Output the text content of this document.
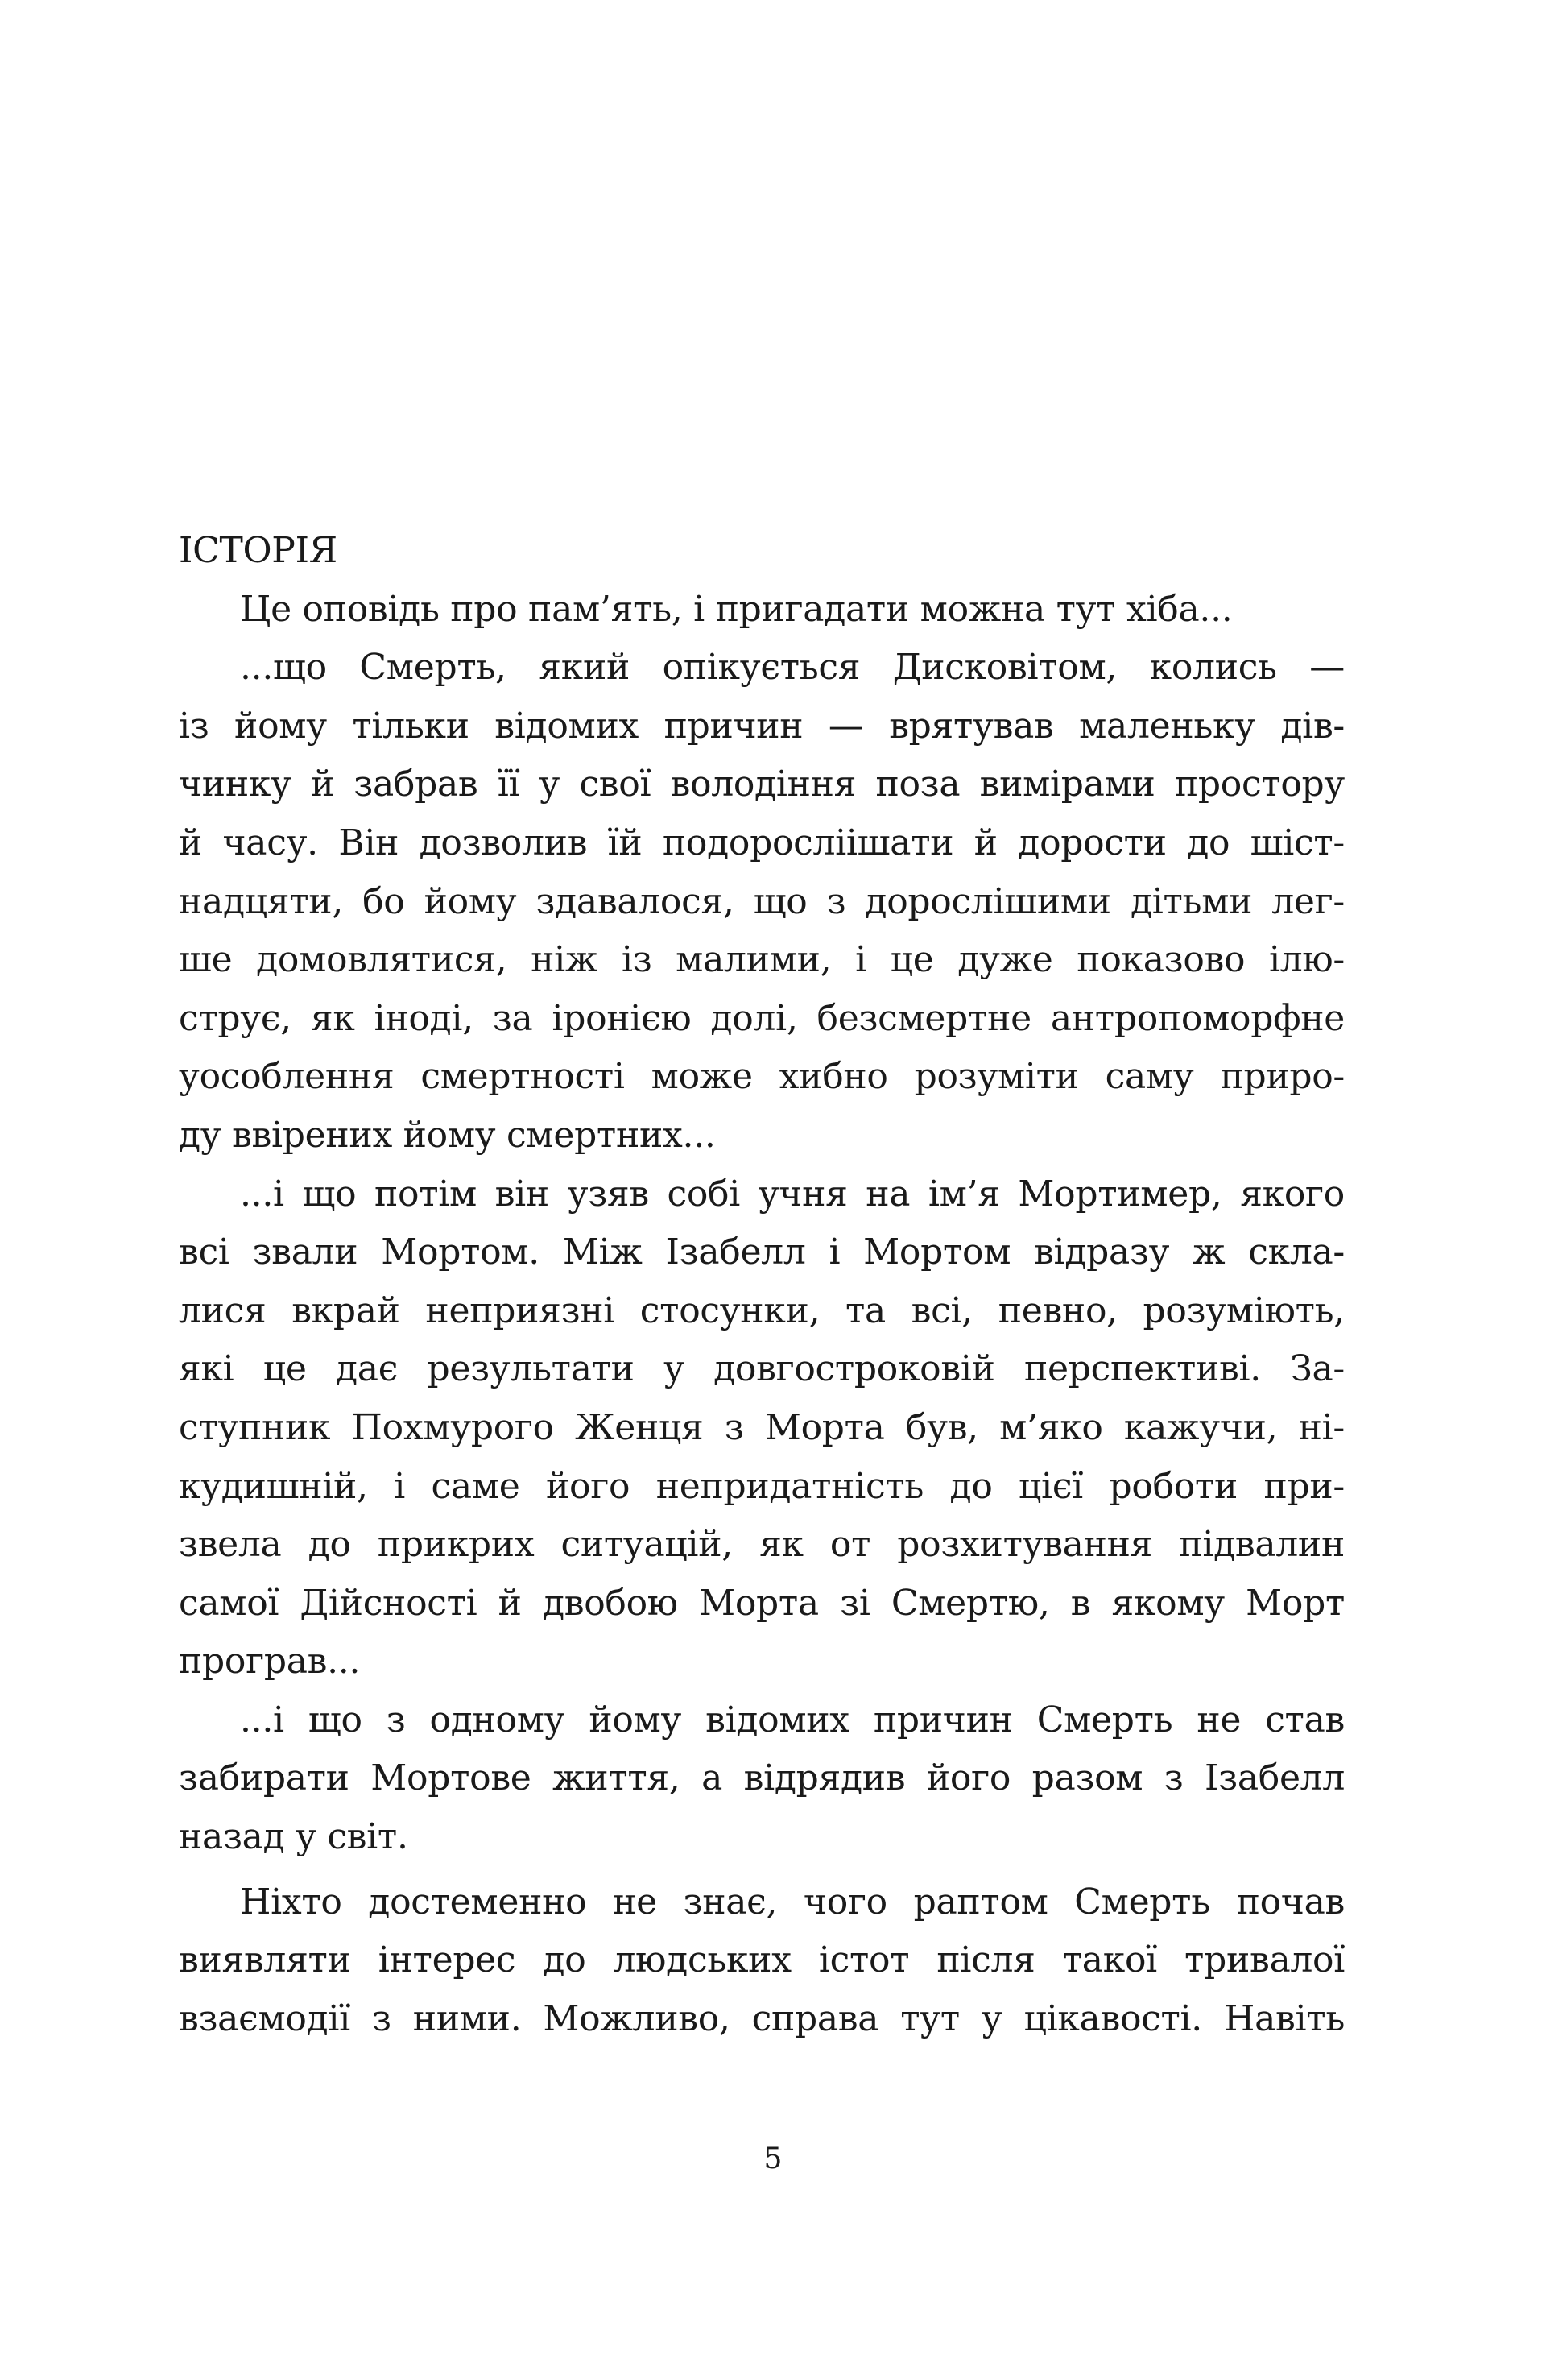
ІСТОРІЯ
Це оповідь про пам’ять, і пригадати можна тут хіба...
...що Смерть, який опікується Дисковітом, колись —
із йому тільки відомих причин — врятував маленьку дів-
чинку й забрав її у свої володіння поза вимірами простору
й часу. Він дозволив їй подоросліішати й дорости до шіст-
надцяти, бо йому здавалося, що з дорослішими дітьми лег-
ше домовлятися, ніж із малими, і це дуже показово ілю-
струє, як іноді, за іронією долі, безсмертне антропоморфне
уособлення смертності може хибно розуміти саму приро-
ду ввірених йому смертних...
...і що потім він узяв собі учня на ім’я Мортимер, якого
всі звали Мортом. Між Ізабелл і Мортом відразу ж скла-
лися вкрай неприязні стосунки, та всі, певно, розуміють,
які це дає результати у довгостроковій перспективі. За-
ступник Похмурого Женця з Морта був, м’яко кажучи, ні-
кудишній, і саме його непридатність до цієї роботи при-
звела до прикрих ситуацій, як от розхитування підвалин
самої Дійсності й двобою Морта зі Смертю, в якому Морт
програв...
...і що з одному йому відомих причин Смерть не став
забирати Мортове життя, а відрядив його разом з Ізабелл
назад у світ.
Ніхто достеменно не знає, чого раптом Смерть почав
виявляти інтерес до людських істот після такої тривалої
взаємодії з ними. Можливо, справа тут у цікавості. Навіть
5
